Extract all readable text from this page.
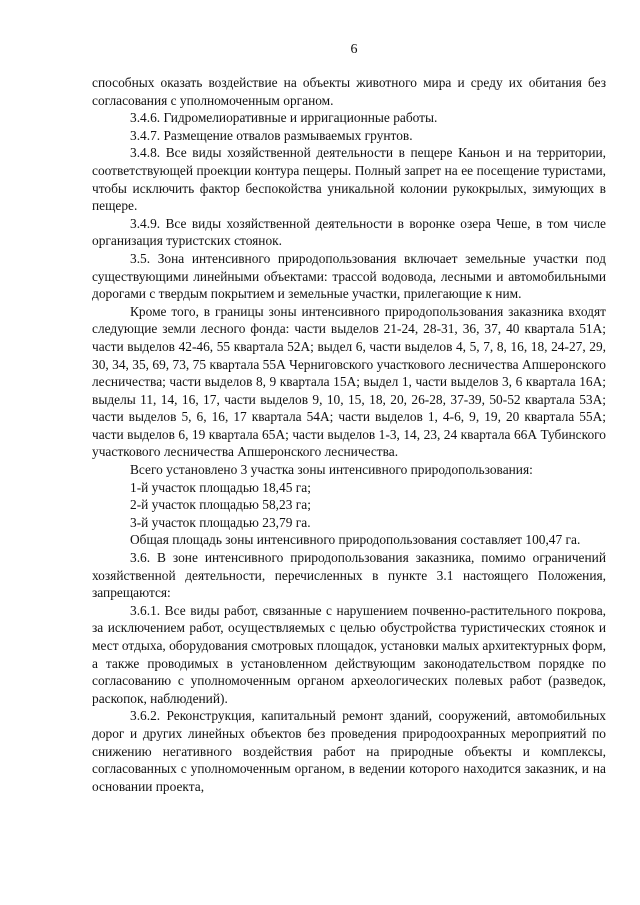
6

способных оказать воздействие на объекты животного мира и среду их обитания без согласования с уполномоченным органом.

3.4.6. Гидромелиоративные и ирригационные работы.

3.4.7. Размещение отвалов размываемых грунтов.

3.4.8. Все виды хозяйственной деятельности в пещере Каньон и на территории, соответствующей проекции контура пещеры. Полный запрет на ее посещение туристами, чтобы исключить фактор беспокойства уникальной колонии рукокрылых, зимующих в пещере.

3.4.9. Все виды хозяйственной деятельности в воронке озера Чеше, в том числе организация туристских стоянок.

3.5. Зона интенсивного природопользования включает земельные участки под существующими линейными объектами: трассой водовода, лесными и автомобильными дорогами с твердым покрытием и земельные участки, прилегающие к ним.

Кроме того, в границы зоны интенсивного природопользования заказника входят следующие земли лесного фонда: части выделов 21-24, 28-31, 36, 37, 40 квартала 51А; части выделов 42-46, 55 квартала 52А; выдел 6, части выделов 4, 5, 7, 8, 16, 18, 24-27, 29, 30, 34, 35, 69, 73, 75 квартала 55А Черниговского участкового лесничества Апшеронского лесничества; части выделов 8, 9 квартала 15А; выдел 1, части выделов 3, 6 квартала 16А; выделы 11, 14, 16, 17, части выделов 9, 10, 15, 18, 20, 26-28, 37-39, 50-52 квартала 53А; части выделов 5, 6, 16, 17 квартала 54А; части выделов 1, 4-6, 9, 19, 20 квартала 55А; части выделов 6, 19 квартала 65А; части выделов 1-3, 14, 23, 24 квартала 66А Тубинского участкового лесничества Апшеронского лесничества.

Всего установлено 3 участка зоны интенсивного природопользования:

1-й участок площадью 18,45 га;

2-й участок площадью 58,23 га;

3-й участок площадью 23,79 га.

Общая площадь зоны интенсивного природопользования составляет 100,47 га.

3.6. В зоне интенсивного природопользования заказника, помимо ограничений хозяйственной деятельности, перечисленных в пункте 3.1 настоящего Положения, запрещаются:

3.6.1. Все виды работ, связанные с нарушением почвенно-растительного покрова, за исключением работ, осуществляемых с целью обустройства туристических стоянок и мест отдыха, оборудования смотровых площадок, установки малых архитектурных форм, а также проводимых в установленном действующим законодательством порядке по согласованию с уполномоченным органом археологических полевых работ (разведок, раскопок, наблюдений).

3.6.2. Реконструкция, капитальный ремонт зданий, сооружений, автомобильных дорог и других линейных объектов без проведения природоохранных мероприятий по снижению негативного воздействия работ на природные объекты и комплексы, согласованных с уполномоченным органом, в ведении которого находится заказник, и на основании проекта,
